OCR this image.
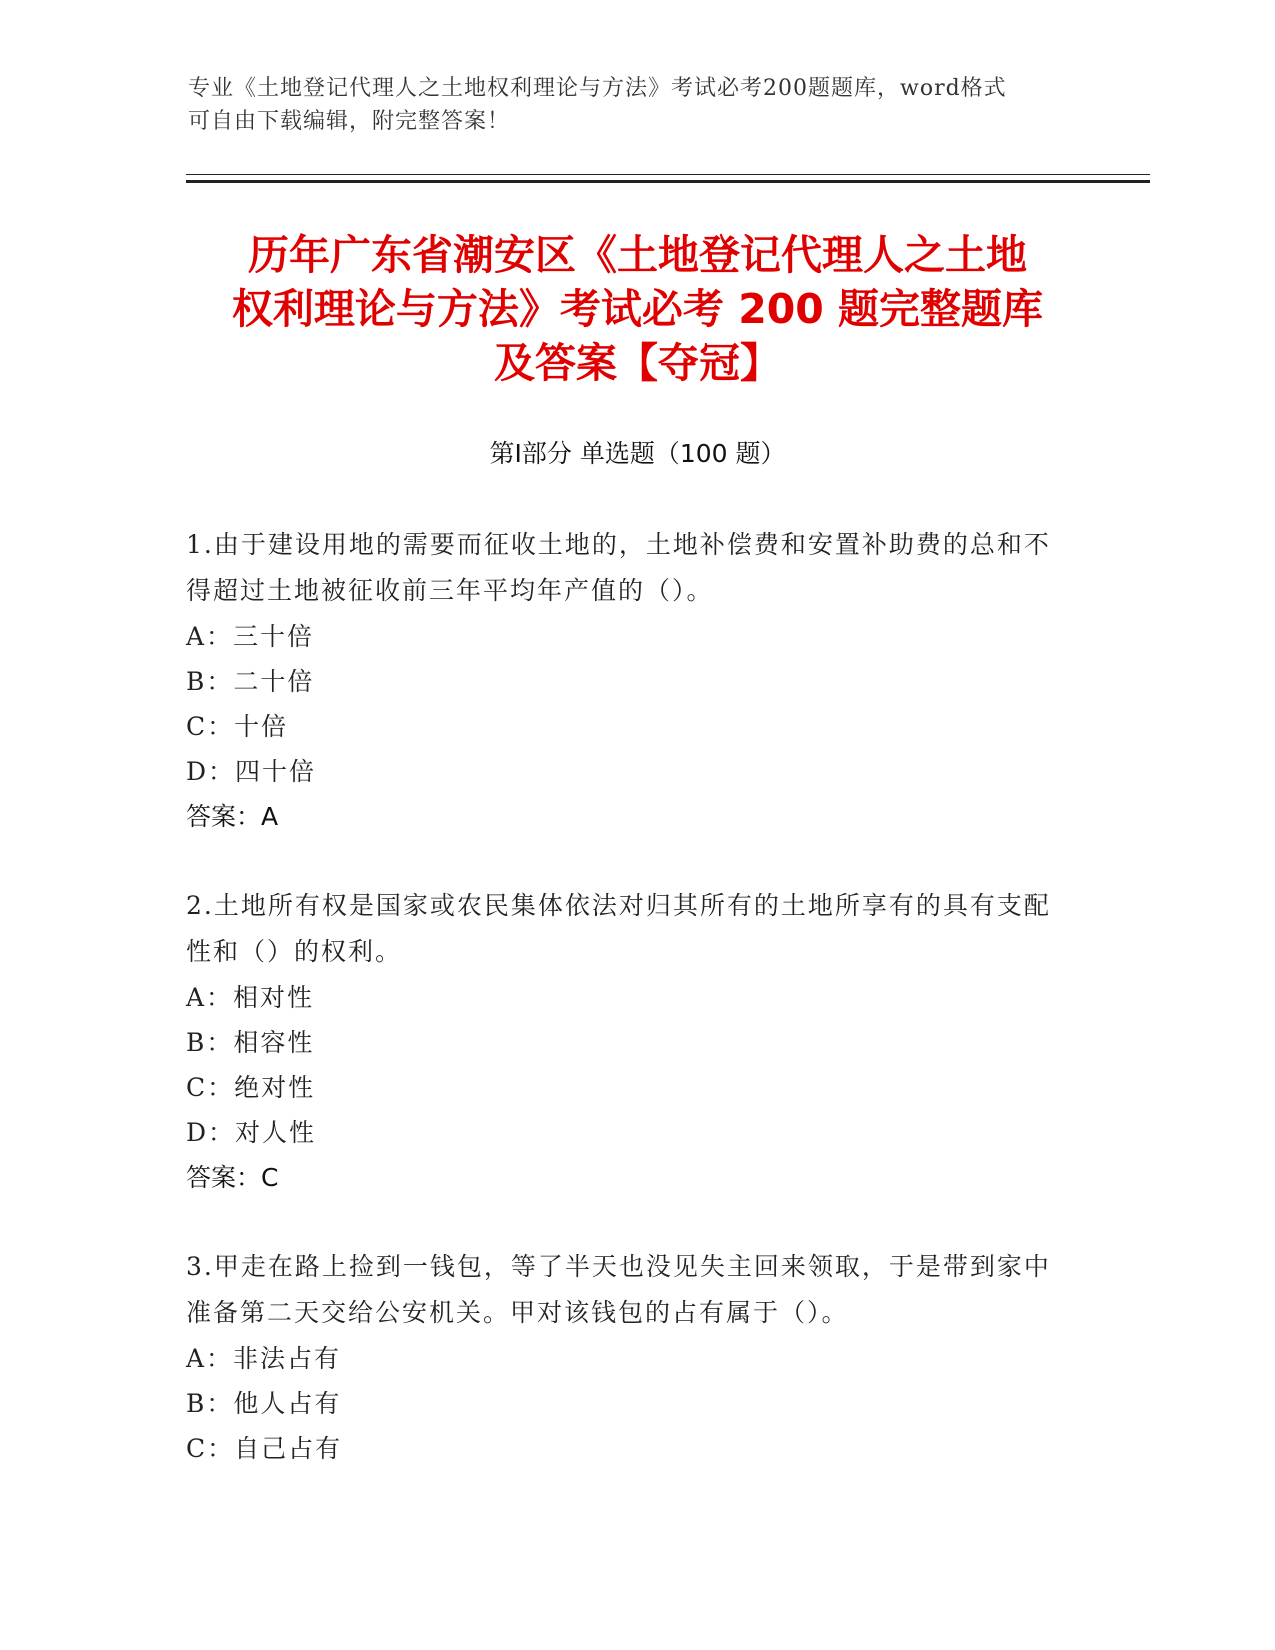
专业《土地登记代理人之土地权利理论与方法》考试必考200题题库，word格式
可自由下载编辑，附完整答案！
历年广东省潮安区《土地登记代理人之土地
权利理论与方法》考试必考 200 题完整题库
及答案【夺冠】
第Ⅰ部分 单选题（100 题）

1.由于建设用地的需要而征收土地的，土地补偿费和安置补助费的总和不得超过土地被征收前三年平均年产值的（）。

A：三十倍

B：二十倍

C：十倍

D：四十倍

答案：A

2.土地所有权是国家或农民集体依法对归其所有的土地所享有的具有支配性和（）的权利。

A：相对性

B：相容性

C：绝对性

D：对人性

答案：C

3.甲走在路上捡到一钱包，等了半天也没见失主回来领取，于是带到家中准备第二天交给公安机关。甲对该钱包的占有属于（）。

A：非法占有

B：他人占有

C：自己占有
